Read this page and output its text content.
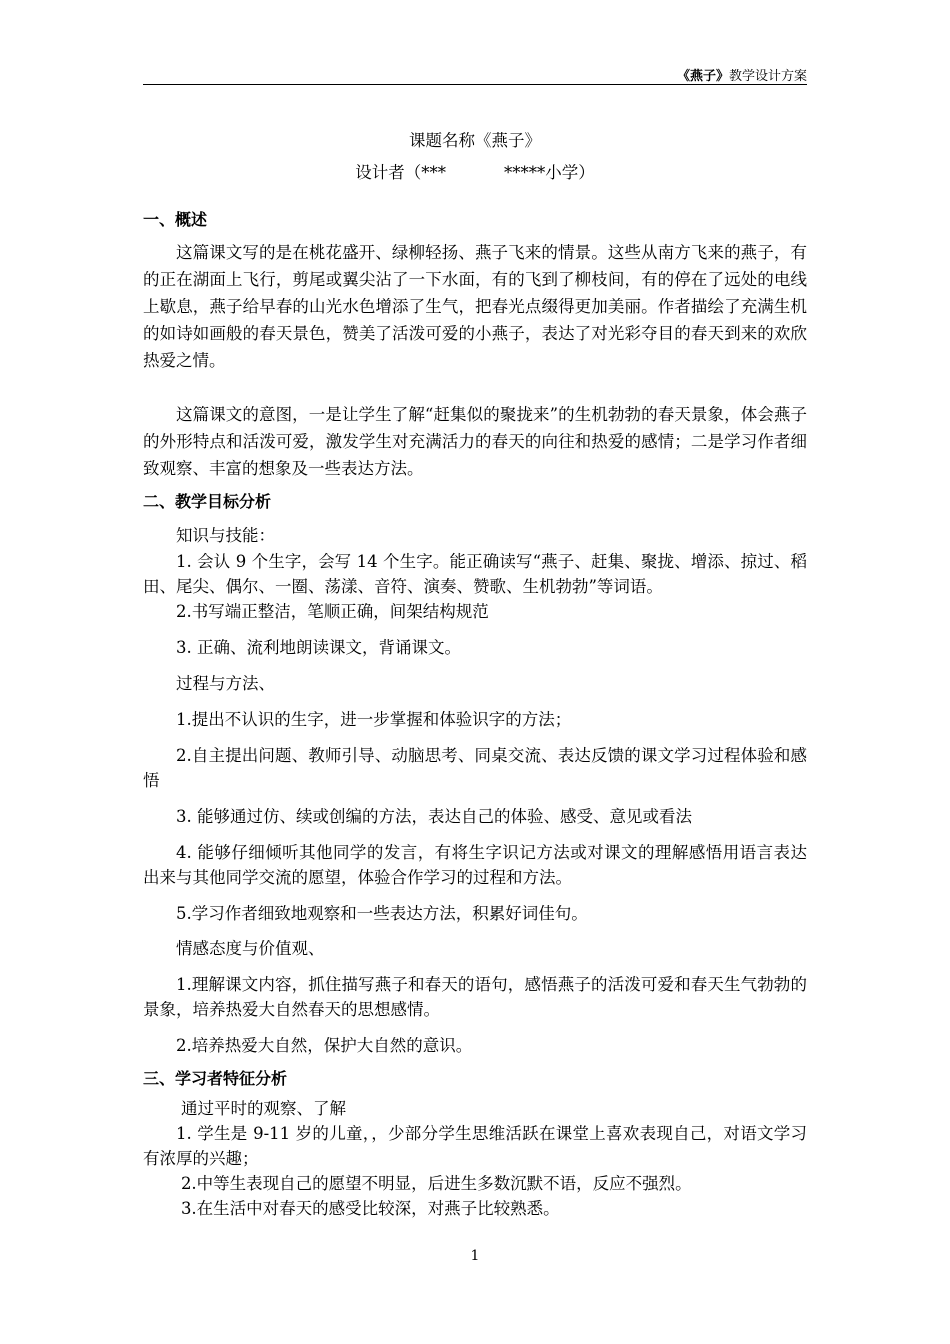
《燕子》教学设计方案
课题名称《燕子》
设计者（***	*****小学）
一、概述

这篇课文写的是在桃花盛开、绿柳轻扬、燕子飞来的情景。这些从南方飞来的燕子，有的正在湖面上飞行，剪尾或翼尖沾了一下水面，有的飞到了柳枝间，有的停在了远处的电线上歇息，燕子给早春的山光水色增添了生气，把春光点缀得更加美丽。作者描绘了充满生机的如诗如画般的春天景色，赞美了活泼可爱的小燕子，表达了对光彩夺目的春天到来的欢欣热爱之情。

这篇课文的意图，一是让学生了解“赶集似的聚拢来”的生机勃勃的春天景象，体会燕子的外形特点和活泼可爱，激发学生对充满活力的春天的向往和热爱的感情；二是学习作者细致观察、丰富的想象及一些表达方法。

二、教学目标分析

知识与技能：

1. 会认 9 个生字，会写 14 个生字。能正确读写“燕子、赶集、聚拢、增添、掠过、稻田、尾尖、偶尔、一圈、荡漾、音符、演奏、赞歌、生机勃勃”等词语。

2.书写端正整洁，笔顺正确，间架结构规范

3. 正确、流利地朗读课文，背诵课文。

过程与方法、

1.提出不认识的生字，进一步掌握和体验识字的方法；

2.自主提出问题、教师引导、动脑思考、同桌交流、表达反馈的课文学习过程体验和感悟

3. 能够通过仿、续或创编的方法，表达自己的体验、感受、意见或看法

4. 能够仔细倾听其他同学的发言，有将生字识记方法或对课文的理解感悟用语言表达出来与其他同学交流的愿望，体验合作学习的过程和方法。

5.学习作者细致地观察和一些表达方法，积累好词佳句。

情感态度与价值观、

1.理解课文内容，抓住描写燕子和春天的语句，感悟燕子的活泼可爱和春天生气勃勃的景象，培养热爱大自然春天的思想感情。

2.培养热爱大自然，保护大自然的意识。

三、学习者特征分析

通过平时的观察、了解

1. 学生是 9-11 岁的儿童，，少部分学生思维活跃在课堂上喜欢表现自己，对语文学习有浓厚的兴趣；

2.中等生表现自己的愿望不明显，后进生多数沉默不语，反应不强烈。

3.在生活中对春天的感受比较深，对燕子比较熟悉。

1
